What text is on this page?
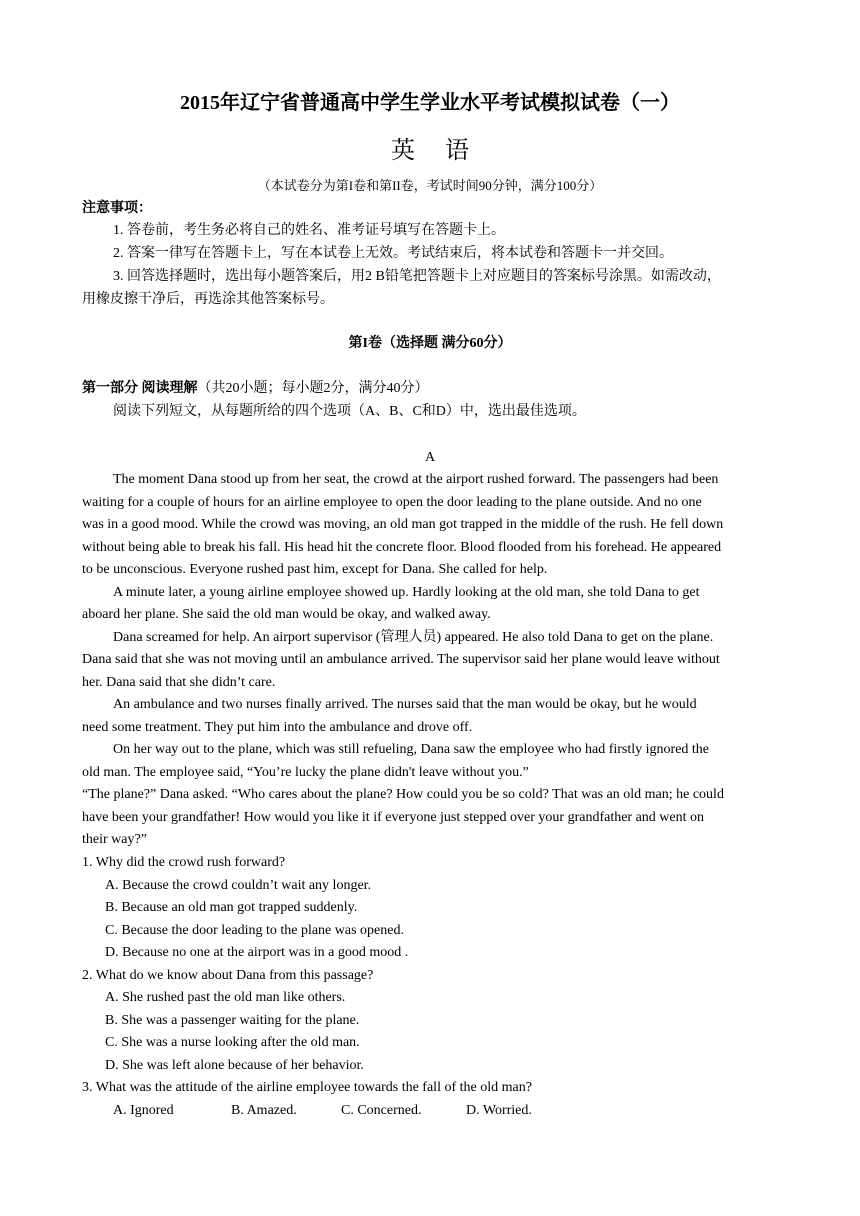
2015年辽宁省普通高中学生学业水平考试模拟试卷（一）
英 语
（本试卷分为第I卷和第II卷，考试时间90分钟，满分100分）
注意事项：
1. 答卷前，考生务必将自己的姓名、准考证号填写在答题卡上。
2. 答案一律写在答题卡上，写在本试卷上无效。考试结束后，将本试卷和答题卡一并交回。
3. 回答选择题时，选出每小题答案后，用2 B铅笔把答题卡上对应题目的答案标号涂黑。如需改动，
用橡皮擦干净后，再选涂其他答案标号。
第I卷（选择题 满分60分）
第一部分 阅读理解（共20小题；每小题2分，满分40分）
阅读下列短文，从每题所给的四个选项（A、B、C和D）中，选出最佳选项。
A
The moment Dana stood up from her seat, the crowd at the airport rushed forward. The passengers had been
waiting for a couple of hours for an airline employee to open the door leading to the plane outside. And no one
was in a good mood. While the crowd was moving, an old man got trapped in the middle of the rush. He fell down
without being able to break his fall. His head hit the concrete floor. Blood flooded from his forehead. He appeared
to be unconscious. Everyone rushed past him, except for Dana. She called for help.
A minute later, a young airline employee showed up. Hardly looking at the old man, she told Dana to get
aboard her plane. She said the old man would be okay, and walked away.
Dana screamed for help. An airport supervisor (管理人员) appeared. He also told Dana to get on the plane.
Dana said that she was not moving until an ambulance arrived. The supervisor said her plane would leave without
her. Dana said that she didn’t care.
An ambulance and two nurses finally arrived. The nurses said that the man would be okay, but he would
need some treatment. They put him into the ambulance and drove off.
On her way out to the plane, which was still refueling, Dana saw the employee who had firstly ignored the
old man. The employee said, “You’re lucky the plane didn't leave without you.”
“The plane?” Dana asked. “Who cares about the plane? How could you be so cold? That was an old man; he could
have been your grandfather! How would you like it if everyone just stepped over your grandfather and went on
their way?”
1. Why did the crowd rush forward?
A. Because the crowd couldn’t wait any longer.
B. Because an old man got trapped suddenly.
C. Because the door leading to the plane was opened.
D. Because no one at the airport was in a good mood .
2. What do we know about Dana from this passage?
A. She rushed past the old man like others.
B. She was a passenger waiting for the plane.
C. She was a nurse looking after the old man.
D. She was left alone because of her behavior.
3. What was the attitude of the airline employee towards the fall of the old man?
A. Ignored	B. Amazed.	C. Concerned.	D. Worried.
